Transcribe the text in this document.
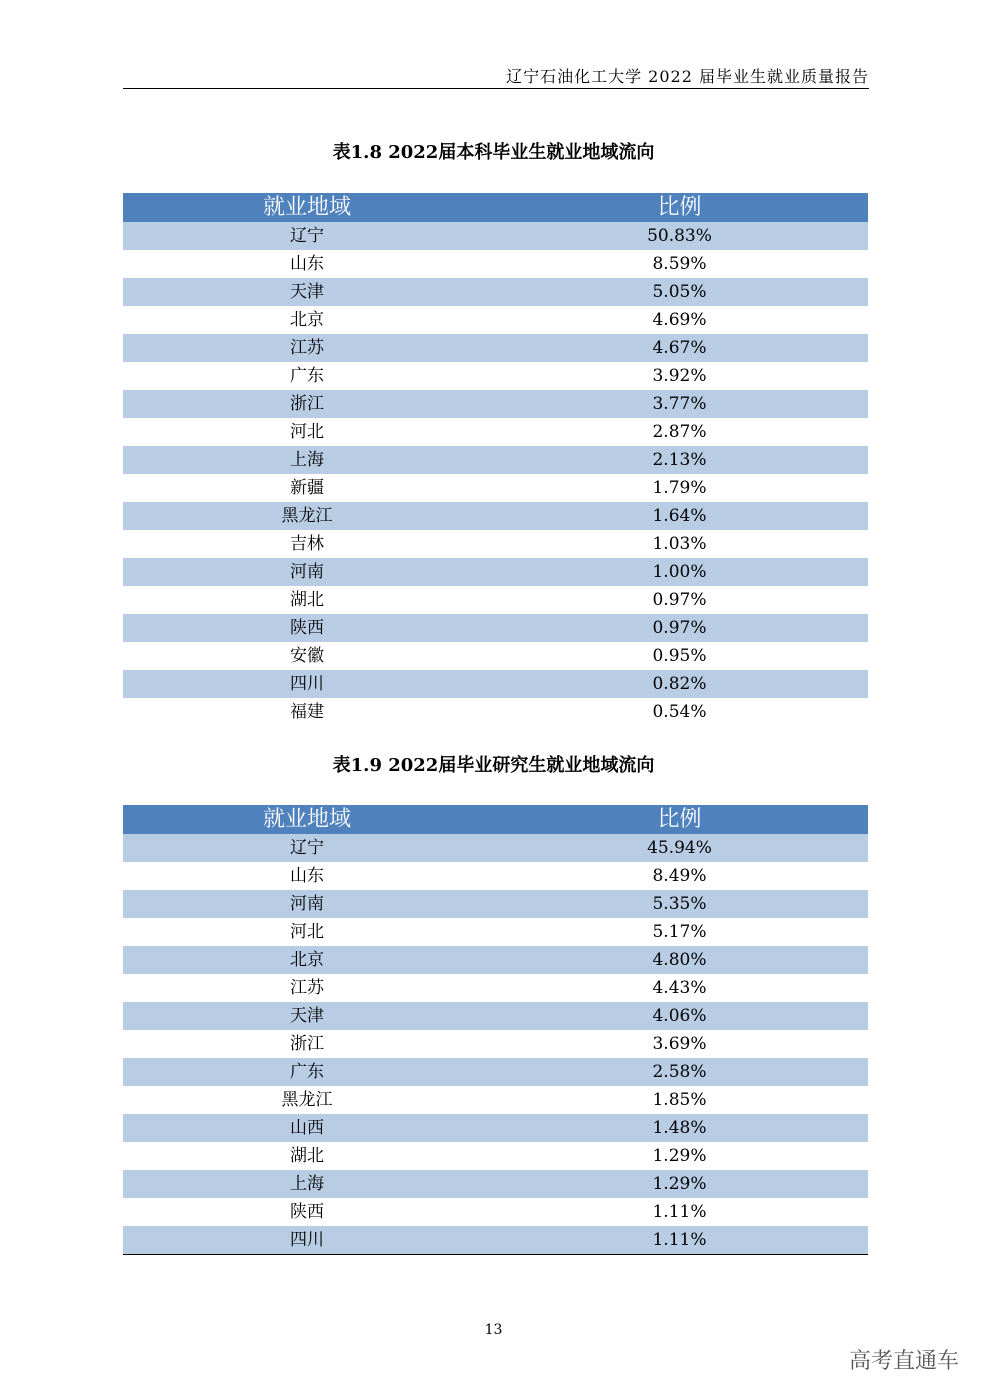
辽宁石油化工大学 2022 届毕业生就业质量报告
表1.8 2022届本科毕业生就业地域流向
就业地域	比例
辽宁	50.83%
山东	8.59%
天津	5.05%
北京	4.69%
江苏	4.67%
广东	3.92%
浙江	3.77%
河北	2.87%
上海	2.13%
新疆	1.79%
黑龙江	1.64%
吉林	1.03%
河南	1.00%
湖北	0.97%
陕西	0.97%
安徽	0.95%
四川	0.82%
福建	0.54%
表1.9 2022届毕业研究生就业地域流向
就业地域	比例
辽宁	45.94%
山东	8.49%
河南	5.35%
河北	5.17%
北京	4.80%
江苏	4.43%
天津	4.06%
浙江	3.69%
广东	2.58%
黑龙江	1.85%
山西	1.48%
湖北	1.29%
上海	1.29%
陕西	1.11%
四川	1.11%
13
高考直通车
